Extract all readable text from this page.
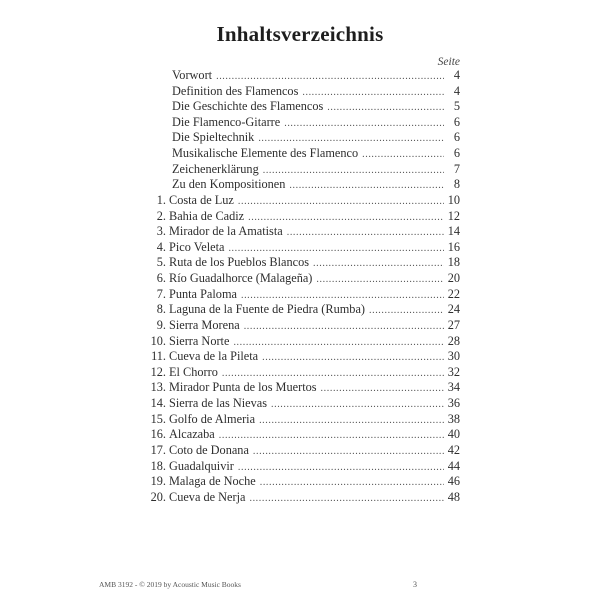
Inhaltsverzeichnis
Seite
Vorwort .....	4
Definition des Flamencos .....	4
Die Geschichte des Flamencos .....	5
Die Flamenco-Gitarre .....	6
Die Spieltechnik .....	6
Musikalische Elemente des Flamenco .....	6
Zeichenerklärung .....	7
Zu den Kompositionen .....	8
1. Costa de Luz .....	10
2. Bahia de Cadiz .....	12
3. Mirador de la Amatista .....	14
4. Pico Veleta .....	16
5. Ruta de los Pueblos Blancos .....	18
6. Río Guadalhorce (Malageña) .....	20
7. Punta Paloma .....	22
8. Laguna de la Fuente de Piedra (Rumba) .....	24
9. Sierra Morena .....	27
10. Sierra Norte .....	28
11. Cueva de la Pileta .....	30
12. El Chorro .....	32
13. Mirador Punta de los Muertos .....	34
14. Sierra de las Nievas .....	36
15. Golfo de Almeria .....	38
16. Alcazaba .....	40
17. Coto de Donana .....	42
18. Guadalquivir .....	44
19. Malaga de Noche .....	46
20. Cueva de Nerja .....	48
AMB 3192 - © 2019 by Acoustic Music Books	3
